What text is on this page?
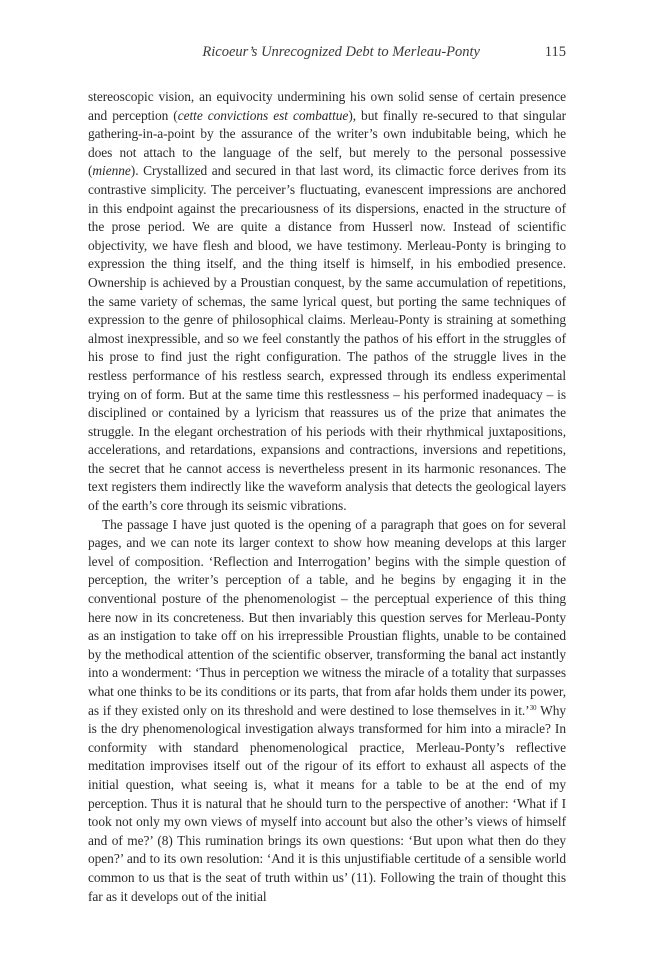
Ricoeur’s Unrecognized Debt to Merleau-Ponty	115

stereoscopic vision, an equivocity undermining his own solid sense of certain presence and perception (cette convictions est combattue), but finally re-secured to that singular gathering-in-a-point by the assurance of the writer’s own indubitable being, which he does not attach to the language of the self, but merely to the personal possessive (mienne). Crystallized and secured in that last word, its climactic force derives from its contrastive simplicity. The perceiver’s fluctuating, evanescent impressions are anchored in this endpoint against the precariousness of its dispersions, enacted in the structure of the prose period. We are quite a distance from Husserl now. Instead of scientific objectivity, we have flesh and blood, we have testimony. Merleau-Ponty is bringing to expression the thing itself, and the thing itself is himself, in his embodied presence. Ownership is achieved by a Proustian conquest, by the same accumulation of repetitions, the same variety of schemas, the same lyrical quest, but porting the same techniques of expression to the genre of philosophical claims. Merleau-Ponty is straining at something almost inexpressible, and so we feel constantly the pathos of his effort in the struggles of his prose to find just the right configuration. The pathos of the struggle lives in the restless performance of his restless search, expressed through its endless experimental trying on of form. But at the same time this restlessness – his performed inadequacy – is disciplined or contained by a lyricism that reassures us of the prize that animates the struggle. In the elegant orchestration of his periods with their rhythmical juxtapositions, accelerations, and retardations, expansions and contractions, inversions and repetitions, the secret that he cannot access is nevertheless present in its harmonic resonances. The text registers them indirectly like the waveform analysis that detects the geological layers of the earth’s core through its seismic vibrations.

The passage I have just quoted is the opening of a paragraph that goes on for several pages, and we can note its larger context to show how meaning develops at this larger level of composition. ‘Reflection and Interrogation’ begins with the simple question of perception, the writer’s perception of a table, and he begins by engaging it in the conventional posture of the phenomenologist – the perceptual experience of this thing here now in its concreteness. But then invariably this question serves for Merleau-Ponty as an instigation to take off on his irrepressible Proustian flights, unable to be contained by the methodical attention of the scientific observer, transforming the banal act instantly into a wonderment: ‘Thus in perception we witness the miracle of a totality that surpasses what one thinks to be its conditions or its parts, that from afar holds them under its power, as if they existed only on its threshold and were destined to lose themselves in it.’$^{30}$ Why is the dry phenomenological investigation always transformed for him into a miracle? In conformity with standard phenomenological practice, Merleau-Ponty’s reflective meditation improvises itself out of the rigour of its effort to exhaust all aspects of the initial question, what seeing is, what it means for a table to be at the end of my perception. Thus it is natural that he should turn to the perspective of another: ‘What if I took not only my own views of myself into account but also the other’s views of himself and of me?’ (8) This rumination brings its own questions: ‘But upon what then do they open?’ and to its own resolution: ‘And it is this unjustifiable certitude of a sensible world common to us that is the seat of truth within us’ (11). Following the train of thought this far as it develops out of the initial
